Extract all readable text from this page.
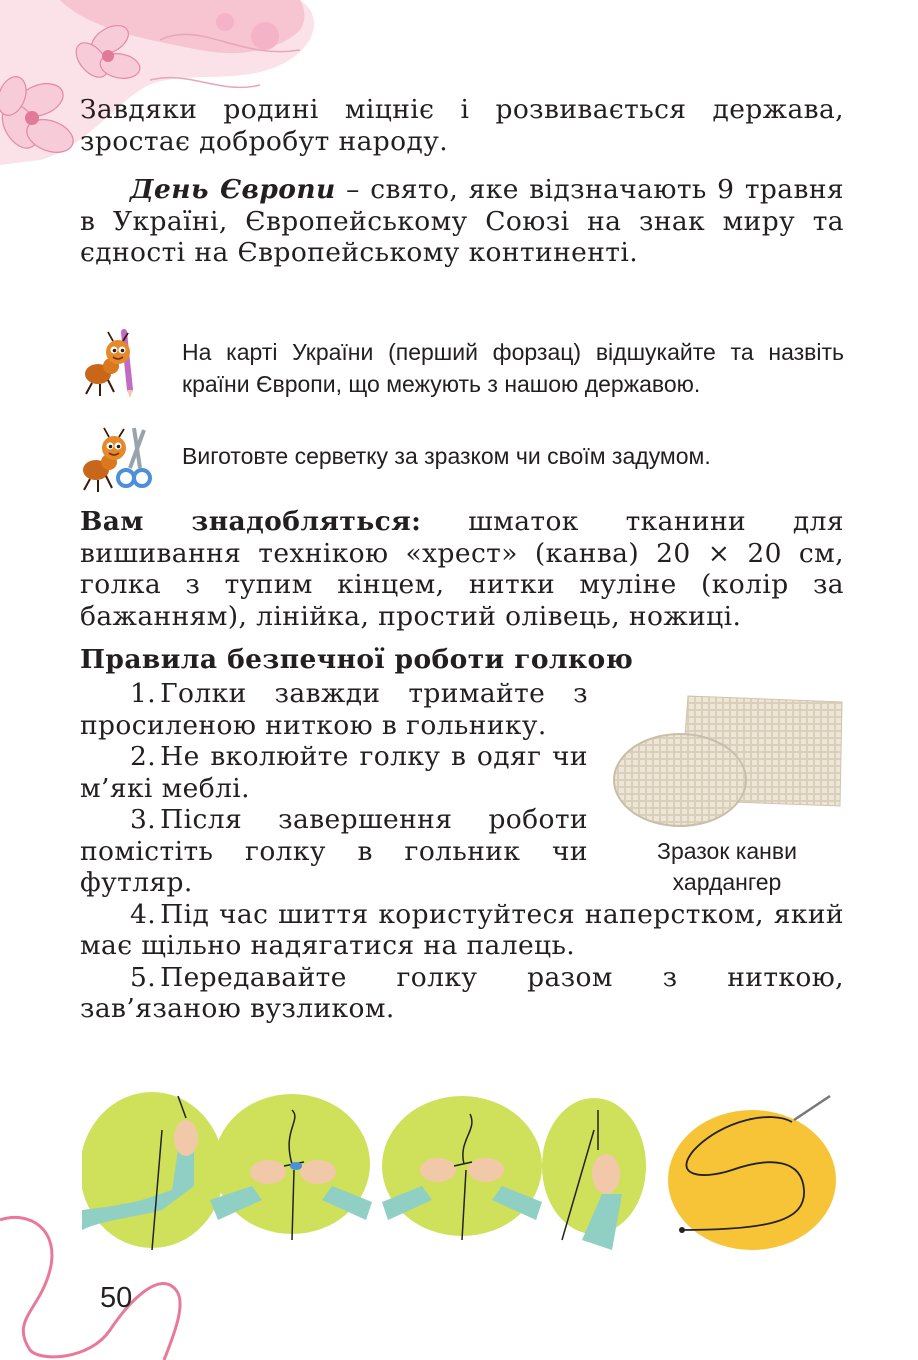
Завдяки родині міцніє і розвивається держава, зростає добробут народу.

День Європи – свято, яке відзначають 9 травня в Україні, Європейському Союзі на знак миру та єдності на Європейському континенті.

На карті України (перший форзац) відшукайте та назвіть країни Європи, що межують з нашою державою.
Виготовте серветку за зразком чи своїм задумом.

Вам знадобляться: шматок тканини для вишивання технікою «хрест» (канва) 20 × 20 см, голка з тупим кінцем, нитки муліне (колір за бажанням), лінійка, простий олівець, ножиці.

Правила безпечної роботи голкою

1. Голки завжди тримайте з просиленою ниткою в гольнику.

2. Не вколюйте голку в одяг чи м’які меблі.

3. Після завершення роботи помістіть голку в гольник чи футляр.

4. Під час шиття користуйтеся наперстком, який має щільно надягатися на палець.

5. Передавайте голку разом з ниткою, зав’язаною вузликом.

Зразок канви
хардангер
50
